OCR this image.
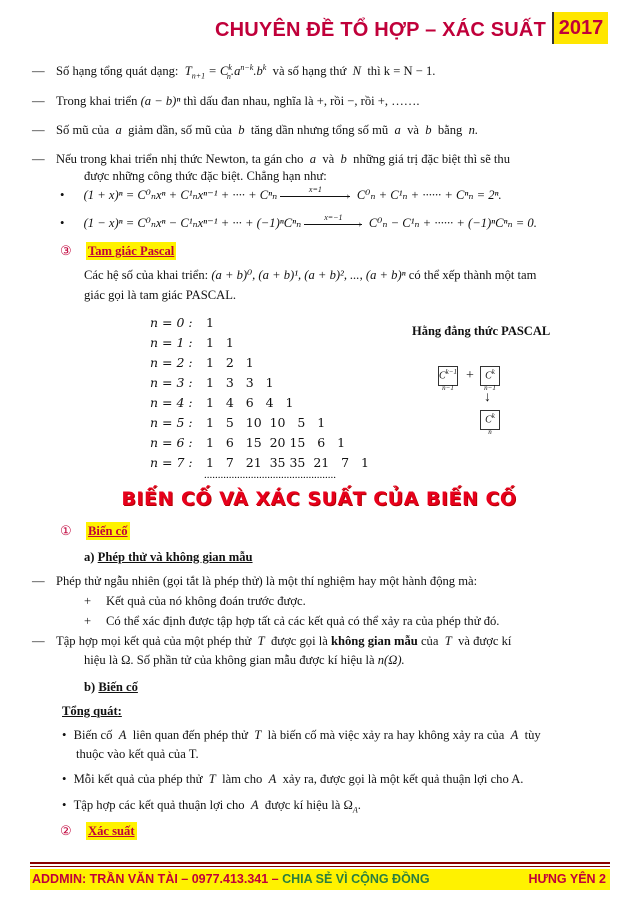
CHUYÊN ĐỀ TỔ HỢP – XÁC SUẤT 2017
— Số hạng tổng quát dạng:  $T_{n+1} = C^k_n.a^{n-k}.b^k$ và số hạng thứ  N  thì k = N − 1.
— Trong khai triển (a − b)ⁿ thì dấu đan nhau, nghĩa là +, rồi −, rồi +, …….
— Số mũ của  a  giảm dần, số mũ của  b  tăng dần nhưng tổng số mũ  a  và  b  bằng  n.
— Nếu trong khai triển nhị thức Newton, ta gán cho  a  và  b  những giá trị đặc biệt thì sẽ thu
được những công thức đặc biệt. Chẳng hạn như:
• (1 + x)ⁿ = C⁰ₙxⁿ + C¹ₙxⁿ⁻¹ + ···· + Cⁿₙ	x=1› C⁰ₙ + C¹ₙ + ······ + Cⁿₙ = 2ⁿ.
• (1 − x)ⁿ = C⁰ₙxⁿ − C¹ₙxⁿ⁻¹ + ··· + (−1)ⁿCⁿₙ	x=−1› C⁰ₙ − C¹ₙ + ······ + (−1)ⁿCⁿₙ = 0.
③ Tam giác Pascal
Các hệ số của khai triển: (a + b)⁰, (a + b)¹, (a + b)², ..., (a + b)ⁿ có thể xếp thành một tam
giác gọi là tam giác PASCAL.
n = 0 : 1
n = 1 : 1   1
n = 2 : 1   2   1
n = 3 : 1   3   3   1
n = 4 : 1   4   6   4   1
n = 5 : 1   5   10  10   5   1
n = 6 : 1   6   15  20 15   6   1
n = 7 : 1   7   21  35 35  21   7   1
................................................
Hằng đẳng thức PASCAL
$C^{k-1}$
$_{n-1}$
+	$C^k$
$_{n-1}$
↓
$C^k$
$_n$
BIẾN CỐ VÀ XÁC SUẤT CỦA BIẾN CỐ
① Biến cố
a) Phép thử và không gian mẫu
— Phép thử ngẫu nhiên (gọi tắt là phép thử) là một thí nghiệm hay một hành động mà:
+ Kết quả của nó không đoán trước được.
+ Có thể xác định được tập hợp tất cả các kết quả có thể xảy ra của phép thử đó.
— Tập hợp mọi kết quả của một phép thử  T  được gọi là không gian mẫu của  T  và được kí
hiệu là Ω. Số phần tử của không gian mẫu được kí hiệu là n(Ω).
b) Biến cố
Tổng quát:
• Biến cố  A  liên quan đến phép thử  T  là biến cố mà việc xảy ra hay không xảy ra của  A  tùy
thuộc vào kết quả của T.
• Mỗi kết quả của phép thử  T  làm cho  A  xảy ra, được gọi là một kết quả thuận lợi cho A.
• Tập hợp các kết quả thuận lợi cho  A  được kí hiệu là $\Omega_A$.
② Xác suất
ADDMIN: TRẦN VĂN TÀI – 0977.413.341 – CHIA SẺ VÌ CỘNG ĐỒNG	HƯNG YÊN 2
